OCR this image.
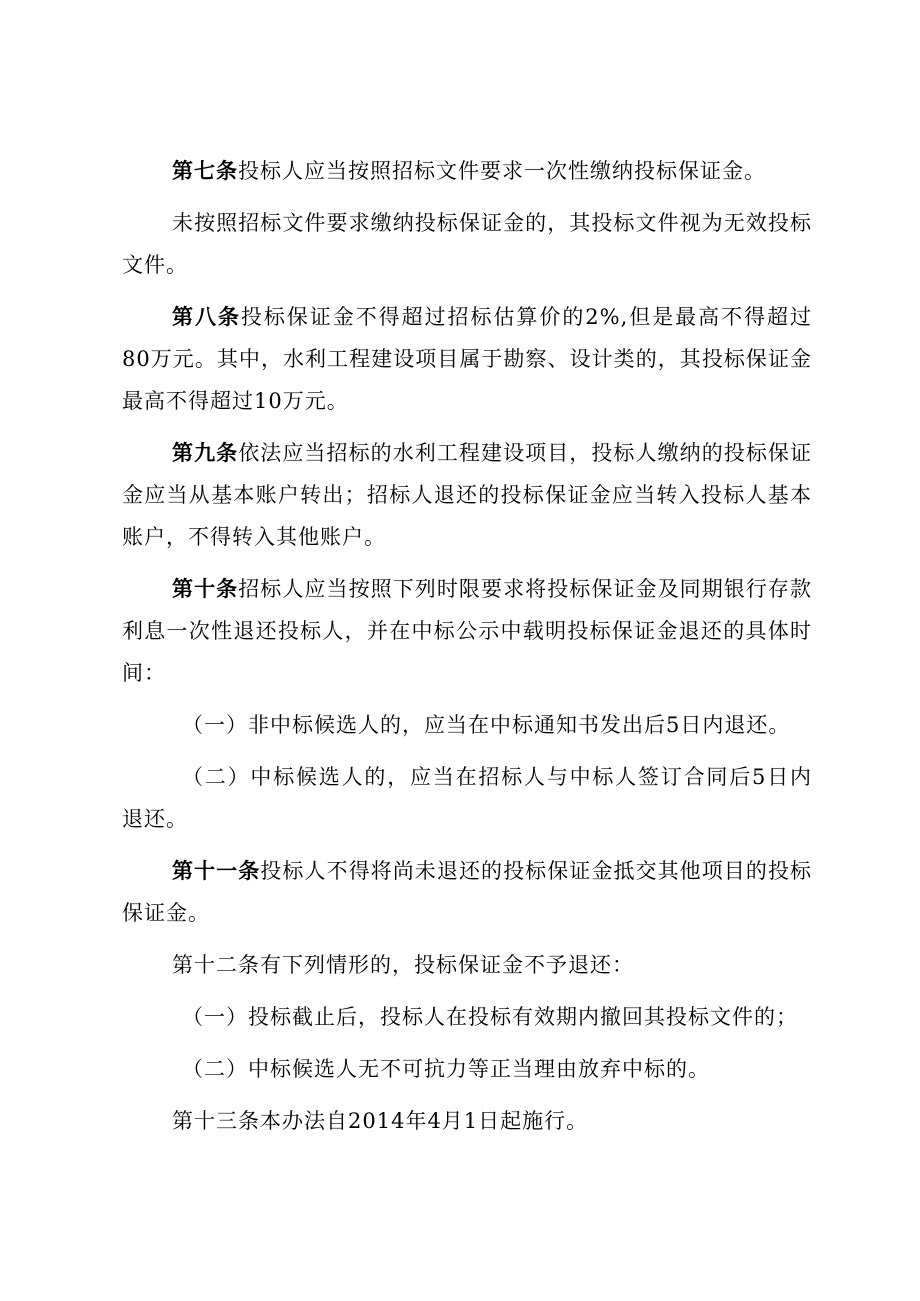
第七条投标人应当按照招标文件要求一次性缴纳投标保证金。

未按照招标文件要求缴纳投标保证金的，其投标文件视为无效投标文件。

第八条投标保证金不得超过招标估算价的2%,但是最高不得超过80万元。其中，水利工程建设项目属于勘察、设计类的，其投标保证金最高不得超过10万元。

第九条依法应当招标的水利工程建设项目，投标人缴纳的投标保证金应当从基本账户转出；招标人退还的投标保证金应当转入投标人基本账户，不得转入其他账户。

第十条招标人应当按照下列时限要求将投标保证金及同期银行存款利息一次性退还投标人，并在中标公示中载明投标保证金退还的具体时间：

（一）非中标候选人的，应当在中标通知书发出后5日内退还。

（二）中标候选人的，应当在招标人与中标人签订合同后5日内退还。

第十一条投标人不得将尚未退还的投标保证金抵交其他项目的投标保证金。

第十二条有下列情形的，投标保证金不予退还：

（一）投标截止后，投标人在投标有效期内撤回其投标文件的；

（二）中标候选人无不可抗力等正当理由放弃中标的。

第十三条本办法自2014年4月1日起施行。
